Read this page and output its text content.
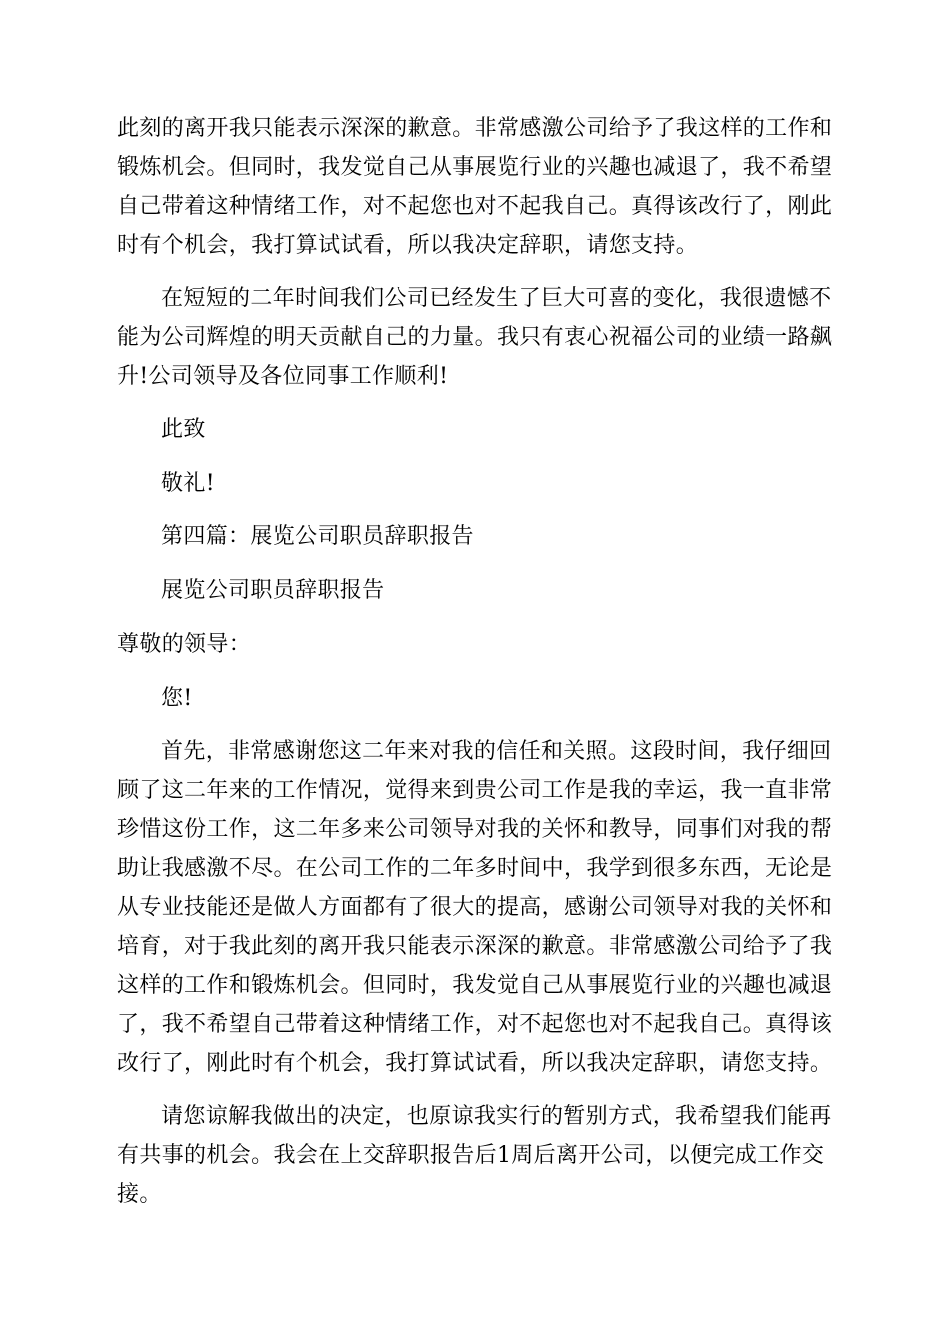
此刻的离开我只能表示深深的歉意。非常感激公司给予了我这样的工作和
锻炼机会。但同时，我发觉自己从事展览行业的兴趣也减退了，我不希望
自己带着这种情绪工作，对不起您也对不起我自己。真得该改行了，刚此
时有个机会，我打算试试看，所以我决定辞职，请您支持。
在短短的二年时间我们公司已经发生了巨大可喜的变化，我很遗憾不
能为公司辉煌的明天贡献自己的力量。我只有衷心祝福公司的业绩一路飙
升!公司领导及各位同事工作顺利!
此致
敬礼!
第四篇：展览公司职员辞职报告
展览公司职员辞职报告
尊敬的领导：
您!
首先，非常感谢您这二年来对我的信任和关照。这段时间，我仔细回
顾了这二年来的工作情况，觉得来到贵公司工作是我的幸运，我一直非常
珍惜这份工作，这二年多来公司领导对我的关怀和教导，同事们对我的帮
助让我感激不尽。在公司工作的二年多时间中，我学到很多东西，无论是
从专业技能还是做人方面都有了很大的提高，感谢公司领导对我的关怀和
培育，对于我此刻的离开我只能表示深深的歉意。非常感激公司给予了我
这样的工作和锻炼机会。但同时，我发觉自己从事展览行业的兴趣也减退
了，我不希望自己带着这种情绪工作，对不起您也对不起我自己。真得该
改行了，刚此时有个机会，我打算试试看，所以我决定辞职，请您支持。
请您谅解我做出的决定，也原谅我实行的暂别方式，我希望我们能再
有共事的机会。我会在上交辞职报告后1周后离开公司，以便完成工作交
接。
